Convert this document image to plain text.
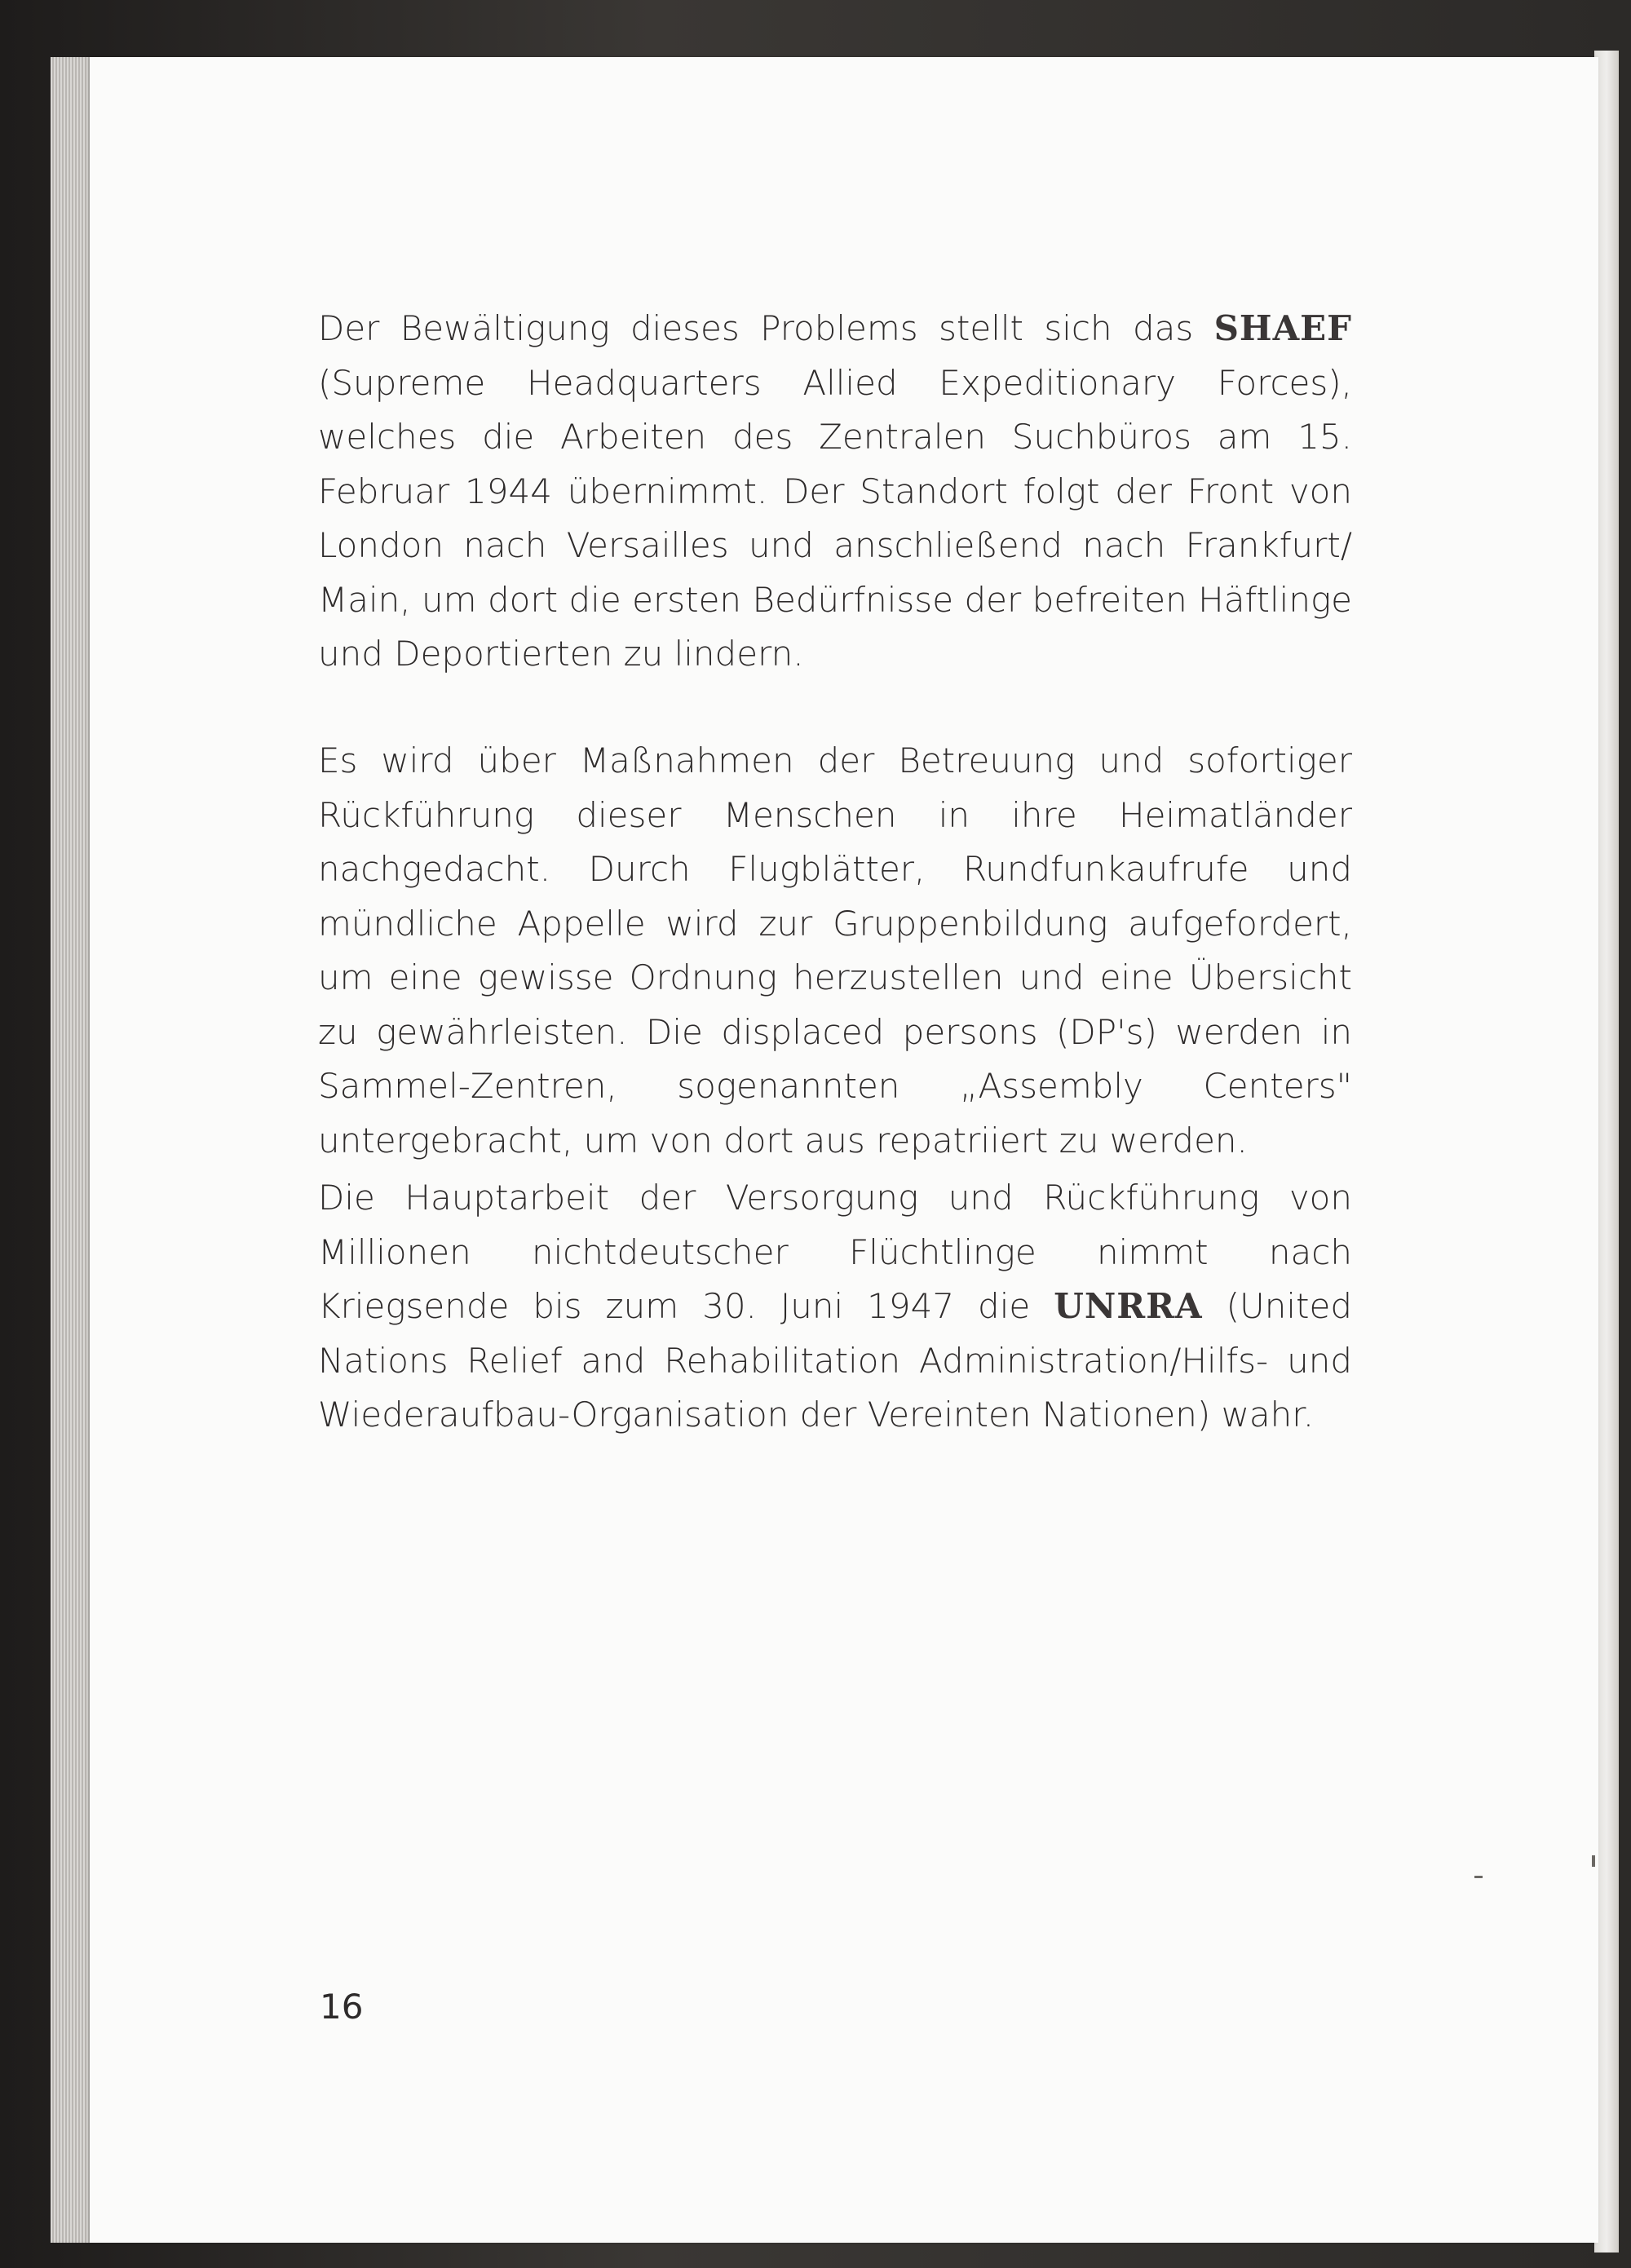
Der Bewältigung dieses Problems stellt sich das SHAEF (Supreme Headquarters Allied Expeditionary Forces), welches die Arbeiten des Zentralen Suchbüros am 15. Februar 1944 übernimmt. Der Standort folgt der Front von London nach Versailles und anschließend nach Frankfurt/ Main, um dort die ersten Bedürfnisse der befreiten Häftlinge und Deportierten zu lindern.

Es wird über Maßnahmen der Betreuung und sofortiger Rückführung dieser Menschen in ihre Heimatländer nachgedacht. Durch Flugblätter, Rundfunkaufrufe und mündliche Appelle wird zur Gruppenbildung aufgefordert, um eine gewisse Ordnung herzustellen und eine Übersicht zu gewährleisten. Die displaced persons (DP's) werden in Sammel-Zentren, sogenannten „Assembly Centers" untergebracht, um von dort aus repatriiert zu werden.

Die Hauptarbeit der Versorgung und Rückführung von Millionen nichtdeutscher Flüchtlinge nimmt nach Kriegsende bis zum 30. Juni 1947 die UNRRA (United Nations Relief and Rehabilitation Administration/Hilfs- und Wiederaufbau-Organisation der Vereinten Nationen) wahr.

16
